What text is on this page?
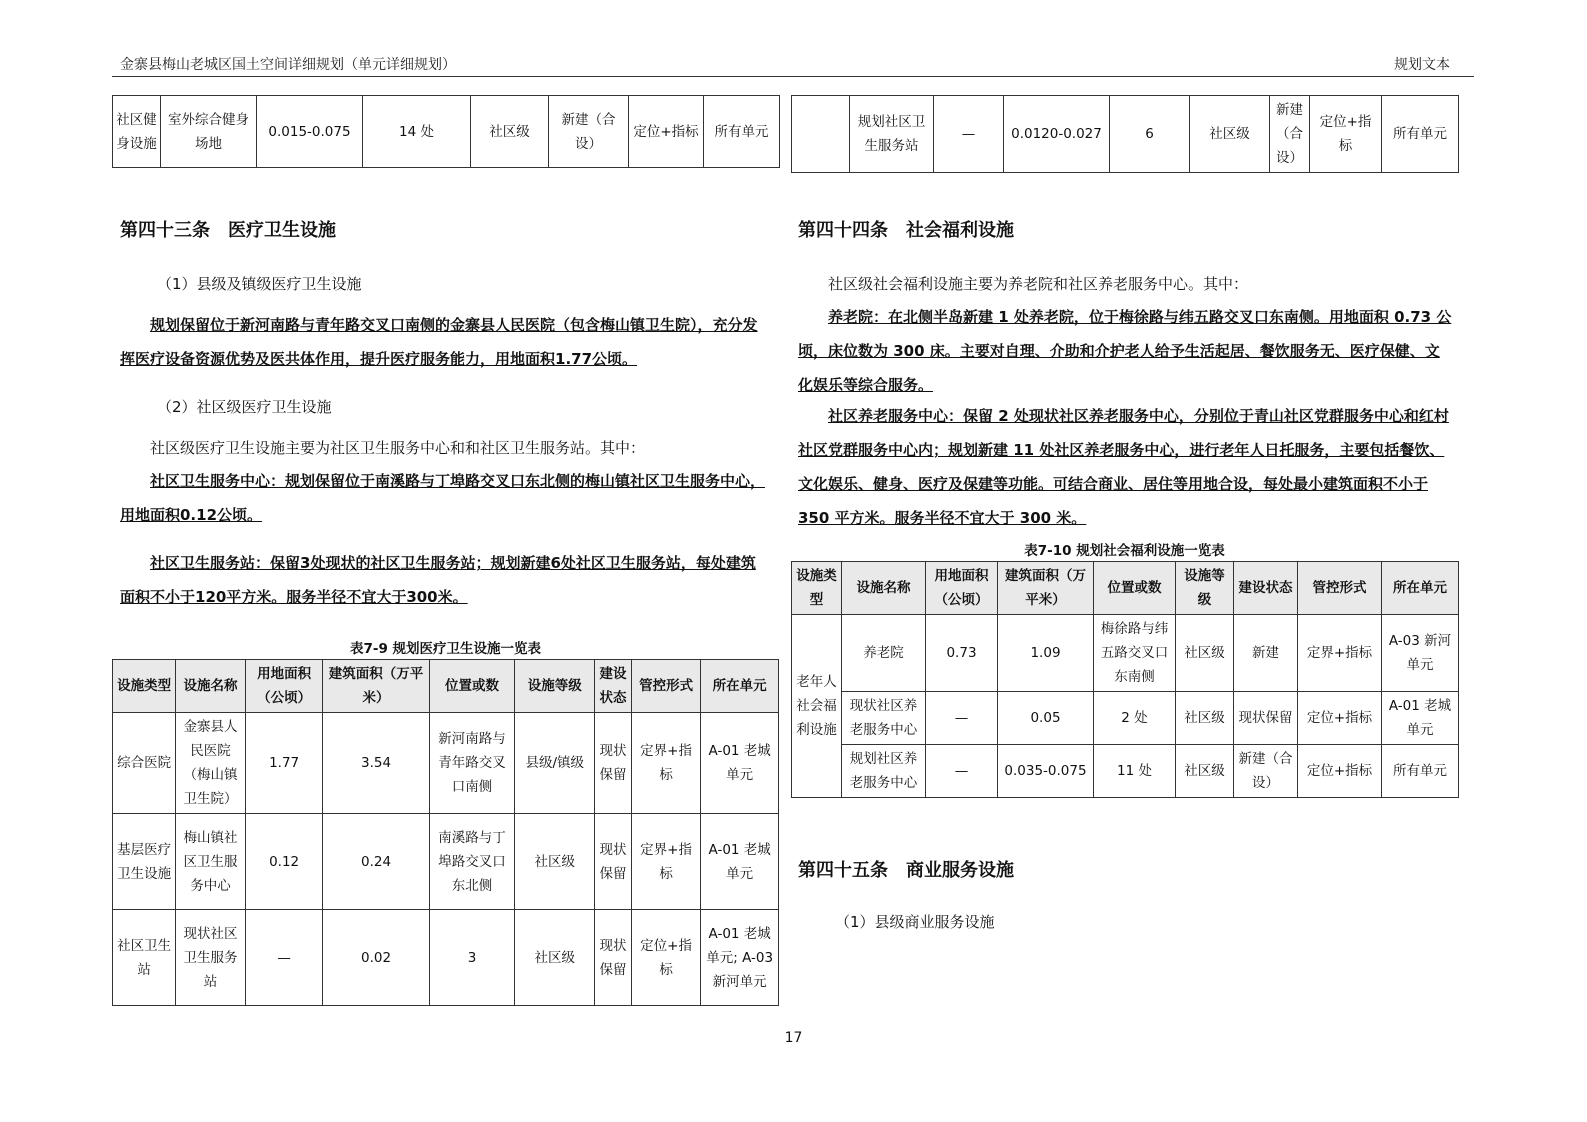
金寨县梅山老城区国土空间详细规划（单元详细规划）	规划文本
社区健身设施	室外综合健身场地	0.015-0.075	14 处	社区级	新建（合设）	定位+指标	所有单元
	规划社区卫生服务站	—	0.0120-0.027	6	社区级	新建（合设）	定位+指标	所有单元
第四十三条　医疗卫生设施
（1）县级及镇级医疗卫生设施
规划保留位于新河南路与青年路交叉口南侧的金寨县人民医院（包含梅山镇卫生院），充分发挥医疗设备资源优势及医共体作用，提升医疗服务能力，用地面积1.77公顷。
（2）社区级医疗卫生设施
社区级医疗卫生设施主要为社区卫生服务中心和和社区卫生服务站。其中：
社区卫生服务中心：规划保留位于南溪路与丁埠路交叉口东北侧的梅山镇社区卫生服务中心，用地面积0.12公顷。
社区卫生服务站：保留3处现状的社区卫生服务站；规划新建6处社区卫生服务站，每处建筑面积不小于120平方米。服务半径不宜大于300米。
表7-9 规划医疗卫生设施一览表
设施类型	设施名称	用地面积（公顷）	建筑面积（万平米）	位置或数	设施等级	建设状态	管控形式	所在单元
综合医院	金寨县人民医院（梅山镇卫生院）	1.77	3.54	新河南路与青年路交叉口南侧	县级/镇级	现状保留	定界+指标	A-01 老城单元
基层医疗卫生设施	梅山镇社区卫生服务中心	0.12	0.24	南溪路与丁埠路交叉口东北侧	社区级	现状保留	定界+指标	A-01 老城单元
社区卫生站	现状社区卫生服务站	—	0.02	3	社区级	现状保留	定位+指标	A-01 老城单元; A-03 新河单元
第四十四条　社会福利设施
社区级社会福利设施主要为养老院和社区养老服务中心。其中：
养老院：在北侧半岛新建 1 处养老院，位于梅徐路与纬五路交叉口东南侧。用地面积 0.73 公顷，床位数为 300 床。主要对自理、介助和介护老人给予生活起居、餐饮服务无、医疗保健、文化娱乐等综合服务。
社区养老服务中心：保留 2 处现状社区养老服务中心，分别位于青山社区党群服务中心和红村社区党群服务中心内；规划新建 11 处社区养老服务中心，进行老年人日托服务，主要包括餐饮、文化娱乐、健身、医疗及保建等功能。可结合商业、居住等用地合设，每处最小建筑面积不小于 350 平方米。服务半径不宜大于 300 米。
表7-10 规划社会福利设施一览表
设施类型	设施名称	用地面积（公顷）	建筑面积（万平米）	位置或数	设施等级	建设状态	管控形式	所在单元
老年人社会福利设施	养老院	0.73	1.09	梅徐路与纬五路交叉口东南侧	社区级	新建	定界+指标	A-03 新河单元
	现状社区养老服务中心	—	0.05	2 处	社区级	现状保留	定位+指标	A-01 老城单元
	规划社区养老服务中心	—	0.035-0.075	11 处	社区级	新建（合设）	定位+指标	所有单元
第四十五条　商业服务设施
（1）县级商业服务设施
17
